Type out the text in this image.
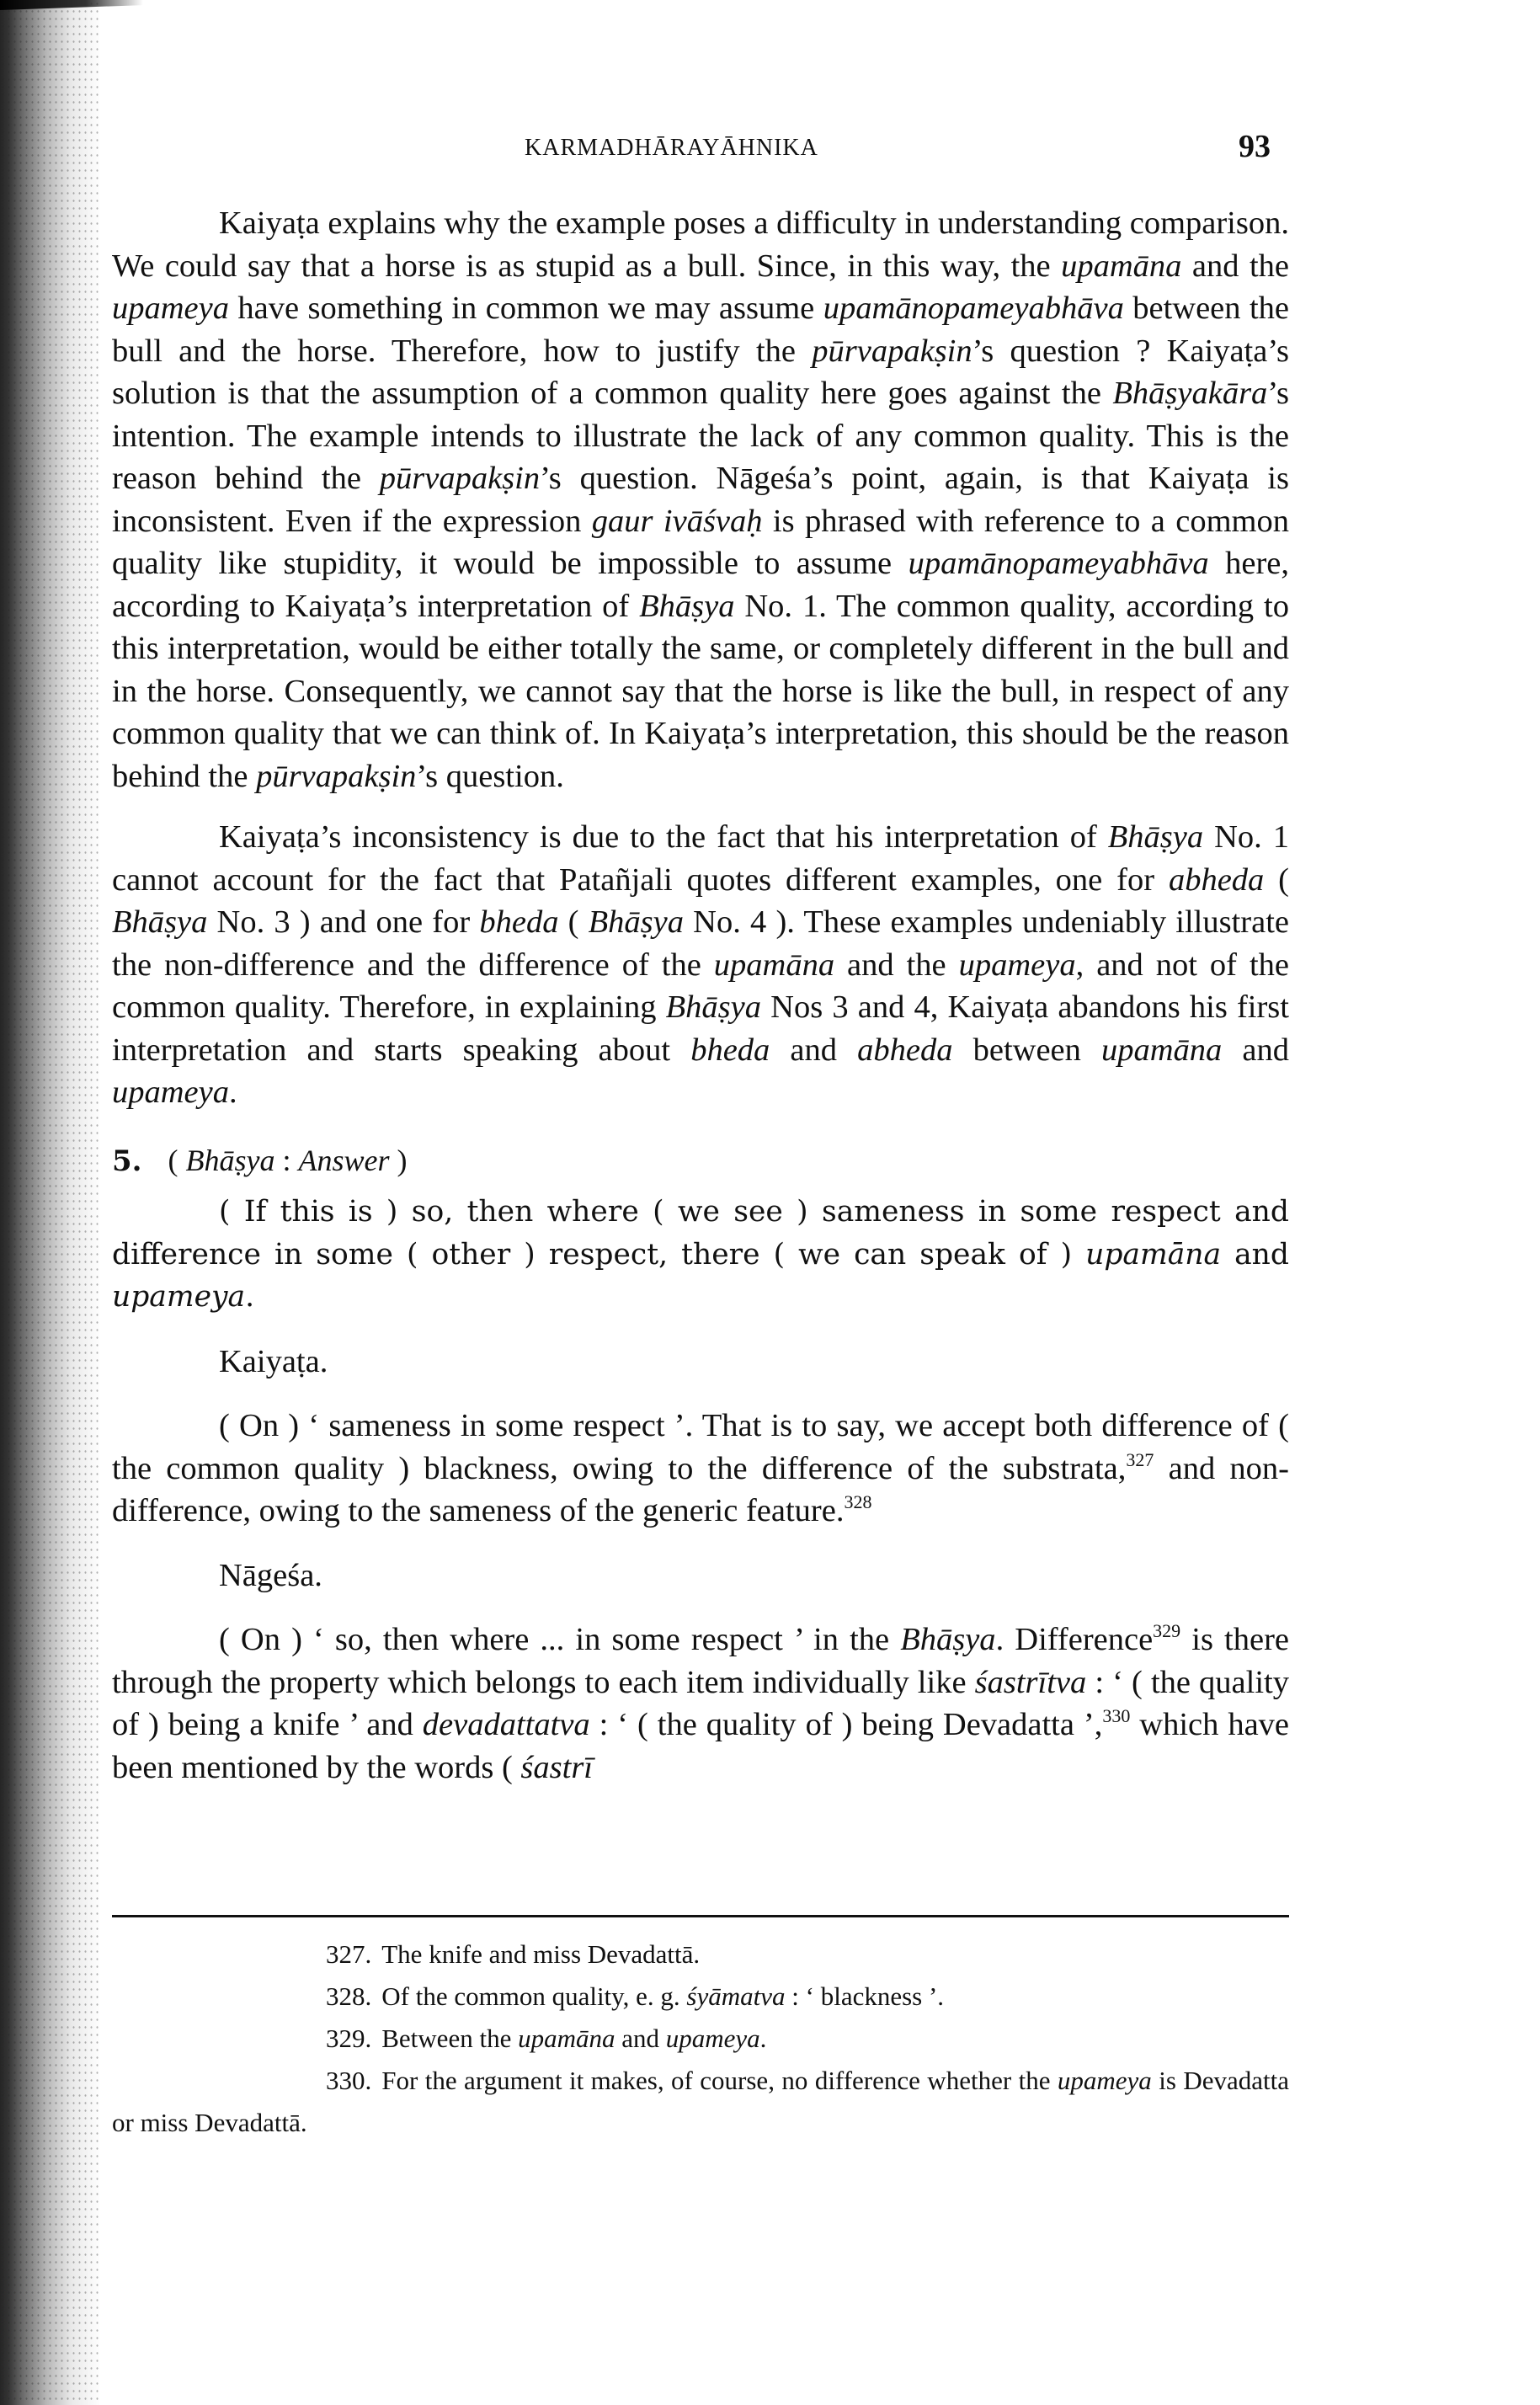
KARMADHĀRAYĀHNIKA	93

Kaiyaṭa explains why the example poses a difficulty in understanding comparison. We could say that a horse is as stupid as a bull. Since, in this way, the upamāna and the upameya have something in common we may assume upamānopameyabhāva between the bull and the horse. Therefore, how to justify the pūrvapakṣin’s question ? Kaiyaṭa’s solution is that the assumption of a common quality here goes against the Bhāṣyakāra’s intention. The example intends to illustrate the lack of any common quality. This is the reason behind the pūrvapakṣin’s question. Nāgeśa’s point, again, is that Kaiyaṭa is inconsistent. Even if the expression gaur ivāśvaḥ is phrased with reference to a common quality like stupidity, it would be impossible to assume upamānopameyabhāva here, according to Kaiyaṭa’s interpretation of Bhāṣya No. 1. The common quality, according to this interpretation, would be either totally the same, or completely different in the bull and in the horse. Consequently, we cannot say that the horse is like the bull, in respect of any common quality that we can think of. In Kaiyaṭa’s interpretation, this should be the reason behind the pūrvapakṣin’s question.

Kaiyaṭa’s inconsistency is due to the fact that his interpretation of Bhāṣya No. 1 cannot account for the fact that Patañjali quotes different examples, one for abheda ( Bhāṣya No. 3 ) and one for bheda ( Bhāṣya No. 4 ). These examples undeniably illustrate the non-difference and the difference of the upamāna and the upameya, and not of the common quality. Therefore, in explaining Bhāṣya Nos 3 and 4, Kaiyaṭa abandons his first interpretation and starts speaking about bheda and abheda between upamāna and upameya.

5. ( Bhāṣya : Answer )

( If this is ) so, then where ( we see ) sameness in some respect and difference in some ( other ) respect, there ( we can speak of ) upamāna and upameya.

Kaiyaṭa.

( On ) ‘ sameness in some respect ’. That is to say, we accept both difference of ( the common quality ) blackness, owing to the difference of the substrata,$^{327}$ and non-difference, owing to the sameness of the generic feature.$^{328}$

Nāgeśa.

( On ) ‘ so, then where ... in some respect ’ in the Bhāṣya. Difference$^{329}$ is there through the property which belongs to each item individually like śastrītva : ‘ ( the quality of ) being a knife ’ and devadattatva : ‘ ( the quality of ) being Devadatta ’,$^{330}$ which have been mentioned by the words ( śastrī

327. The knife and miss Devadattā.

328. Of the common quality, e. g. śyāmatva : ‘ blackness ’.

329. Between the upamāna and upameya.

330. For the argument it makes, of course, no difference whether the upameya is Devadatta or miss Devadattā.
